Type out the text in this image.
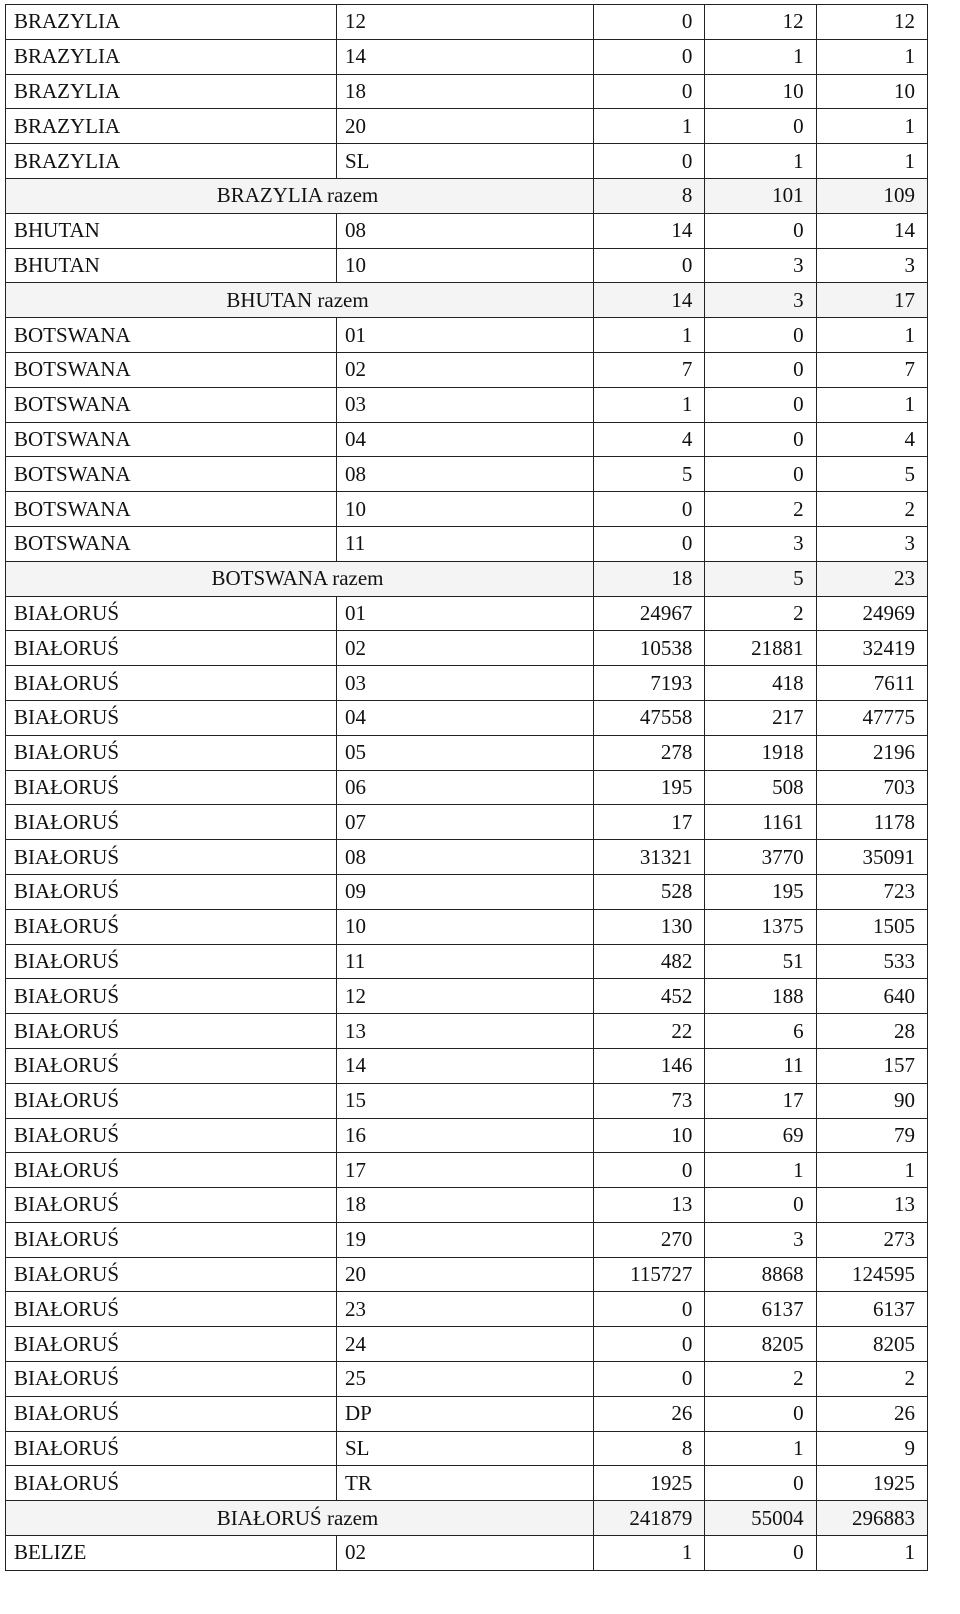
BRAZYLIA	12	0	12	12
BRAZYLIA	14	0	1	1
BRAZYLIA	18	0	10	10
BRAZYLIA	20	1	0	1
BRAZYLIA	SL	0	1	1
BRAZYLIA razem		8	101	109
BHUTAN	08	14	0	14
BHUTAN	10	0	3	3
BHUTAN razem		14	3	17
BOTSWANA	01	1	0	1
BOTSWANA	02	7	0	7
BOTSWANA	03	1	0	1
BOTSWANA	04	4	0	4
BOTSWANA	08	5	0	5
BOTSWANA	10	0	2	2
BOTSWANA	11	0	3	3
BOTSWANA razem		18	5	23
BIAŁORUŚ	01	24967	2	24969
BIAŁORUŚ	02	10538	21881	32419
BIAŁORUŚ	03	7193	418	7611
BIAŁORUŚ	04	47558	217	47775
BIAŁORUŚ	05	278	1918	2196
BIAŁORUŚ	06	195	508	703
BIAŁORUŚ	07	17	1161	1178
BIAŁORUŚ	08	31321	3770	35091
BIAŁORUŚ	09	528	195	723
BIAŁORUŚ	10	130	1375	1505
BIAŁORUŚ	11	482	51	533
BIAŁORUŚ	12	452	188	640
BIAŁORUŚ	13	22	6	28
BIAŁORUŚ	14	146	11	157
BIAŁORUŚ	15	73	17	90
BIAŁORUŚ	16	10	69	79
BIAŁORUŚ	17	0	1	1
BIAŁORUŚ	18	13	0	13
BIAŁORUŚ	19	270	3	273
BIAŁORUŚ	20	115727	8868	124595
BIAŁORUŚ	23	0	6137	6137
BIAŁORUŚ	24	0	8205	8205
BIAŁORUŚ	25	0	2	2
BIAŁORUŚ	DP	26	0	26
BIAŁORUŚ	SL	8	1	9
BIAŁORUŚ	TR	1925	0	1925
BIAŁORUŚ razem		241879	55004	296883
BELIZE	02	1	0	1
